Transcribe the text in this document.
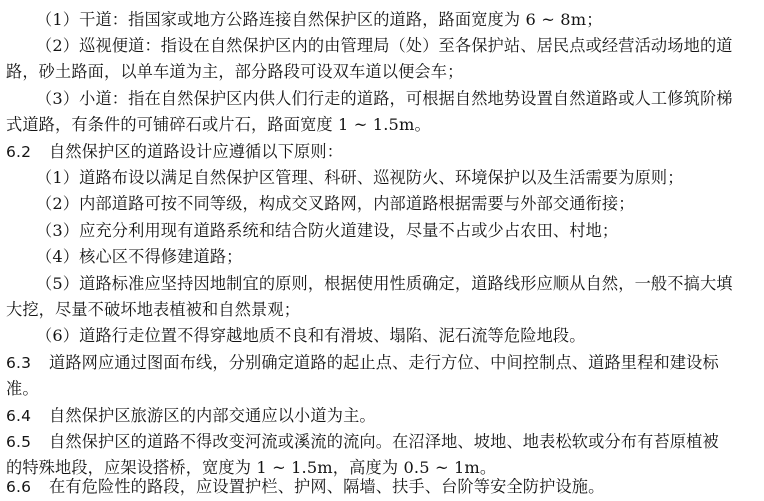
（1）干道：指国家或地方公路连接自然保护区的道路，路面宽度为 6 ~ 8m；
（2）巡视便道：指设在自然保护区内的由管理局（处）至各保护站、居民点或经营活动场地的道
路，砂土路面，以单车道为主，部分路段可设双车道以便会车；
（3）小道：指在自然保护区内供人们行走的道路，可根据自然地势设置自然道路或人工修筑阶梯
式道路，有条件的可铺碎石或片石，路面宽度 1 ~ 1.5m。
6.2 自然保护区的道路设计应遵循以下原则：
（1）道路布设以满足自然保护区管理、科研、巡视防火、环境保护以及生活需要为原则；
（2）内部道路可按不同等级，构成交叉路网，内部道路根据需要与外部交通衔接；
（3）应充分利用现有道路系统和结合防火道建设，尽量不占或少占农田、村地；
（4）核心区不得修建道路；
（5）道路标准应坚持因地制宜的原则，根据使用性质确定，道路线形应顺从自然，一般不搞大填
大挖，尽量不破坏地表植被和自然景观；
（6）道路行走位置不得穿越地质不良和有滑坡、塌陷、泥石流等危险地段。
6.3 道路网应通过图面布线，分别确定道路的起止点、走行方位、中间控制点、道路里程和建设标
准。
6.4 自然保护区旅游区的内部交通应以小道为主。
6.5 自然保护区的道路不得改变河流或溪流的流向。在沼泽地、坡地、地表松软或分布有苔原植被
的特殊地段，应架设搭桥，宽度为 1 ~ 1.5m，高度为 0.5 ~ 1m。
6.6 在有危险性的路段，应设置护栏、护网、隔墙、扶手、台阶等安全防护设施。
